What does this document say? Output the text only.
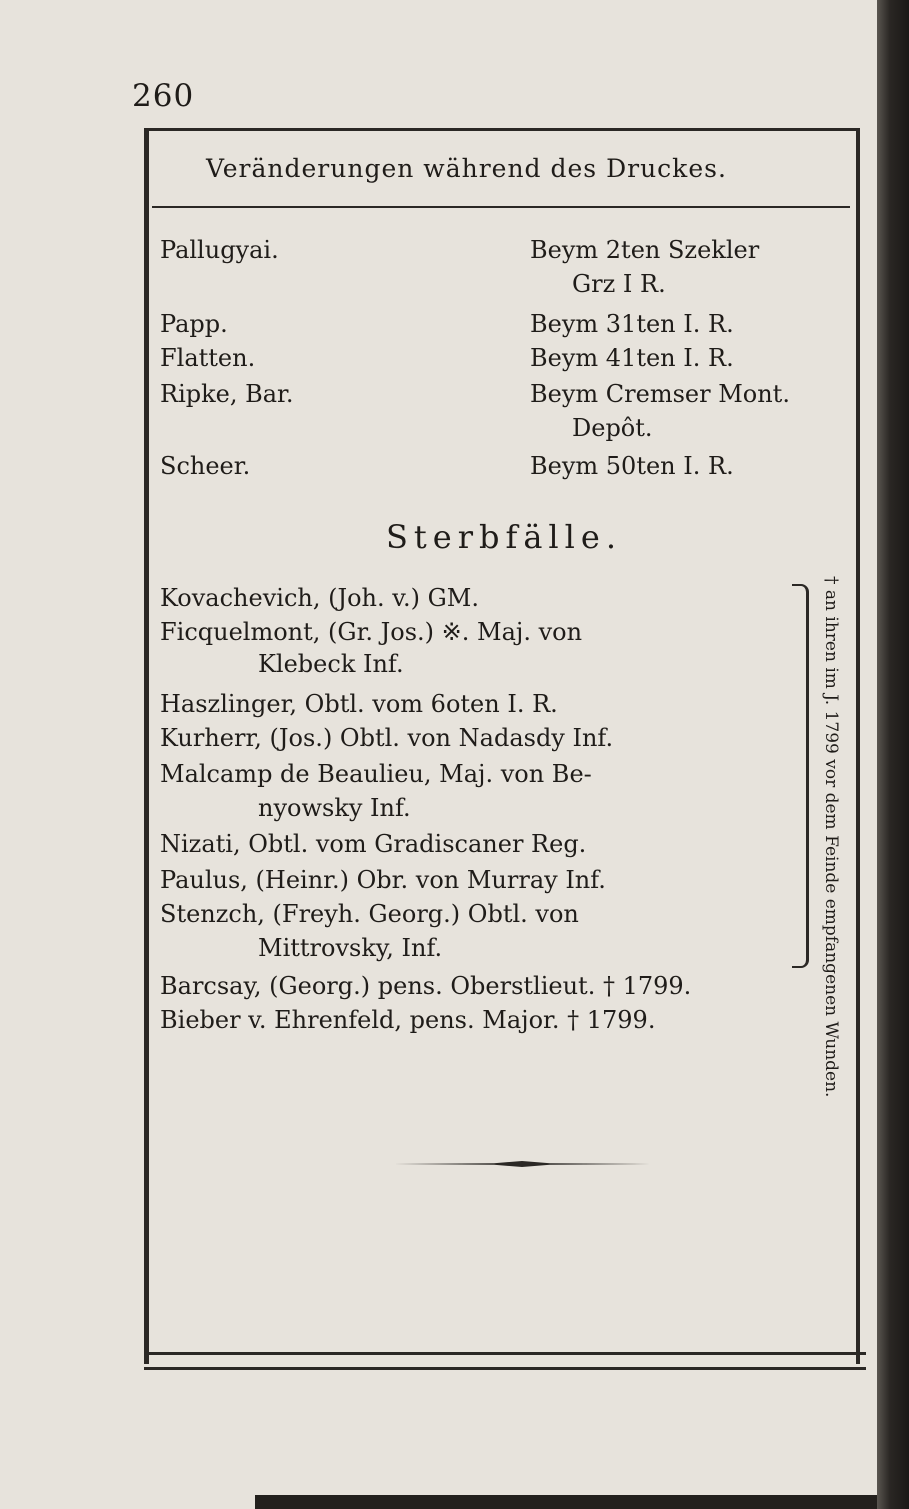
260
Veränderungen während des Druckes.
Pallugyai.	Beym 2ten Szekler
Grz I R.
Papp.	Beym 31ten I. R.
Flatten.	Beym 41ten I. R.
Ripke, Bar.	Beym Cremser Mont.
Depôt.
Scheer.	Beym 50ten I. R.
Sterbfälle.
Kovachevich, (Joh. v.) GM.
Ficquelmont, (Gr. Jos.) ※. Maj. von
Klebeck Inf.
Haszlinger, Obtl. vom 6oten I. R.
Kurherr, (Jos.) Obtl. von Nadasdy Inf.
Malcamp de Beaulieu, Maj. von Be-
nyowsky Inf.
Nizati, Obtl. vom Gradiscaner Reg.
Paulus, (Heinr.) Obr. von Murray Inf.
Stenzch, (Freyh. Georg.) Obtl. von
Mittrovsky, Inf.
Barcsay, (Georg.) pens. Oberstlieut. † 1799.
Bieber v. Ehrenfeld, pens. Major. † 1799.	† an ihren im J. 1799 vor dem Feinde empfangenen Wunden.
